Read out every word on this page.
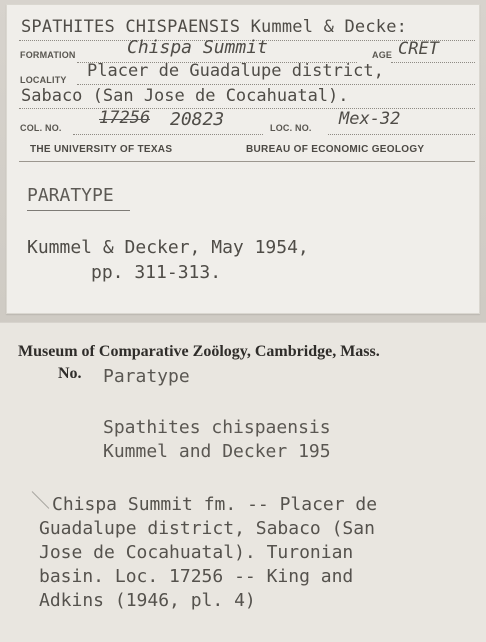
SPATHITES CHISPAENSIS Kummel & Decke:
FORMATION	Chispa Summit	AGE CRET
LOCALITY Placer de Guadalupe district,
Sabaco (San Jose de Cocahuatal).
COL. NO. 17256 20823	LOC. NO. Mex-32
THE UNIVERSITY OF TEXAS	BUREAU OF ECONOMIC GEOLOGY
PARATYPE
Kummel & Decker, May 1954,
pp. 311-313.
Museum of Comparative Zoölogy, Cambridge, Mass.
No. Paratype
Spathites chispaensis
Kummel and Decker 195
Chispa Summit fm. -- Placer de
Guadalupe district, Sabaco (San
Jose de Cocahuatal). Turonian
basin. Loc. 17256 -- King and
Adkins (1946, pl. 4)
